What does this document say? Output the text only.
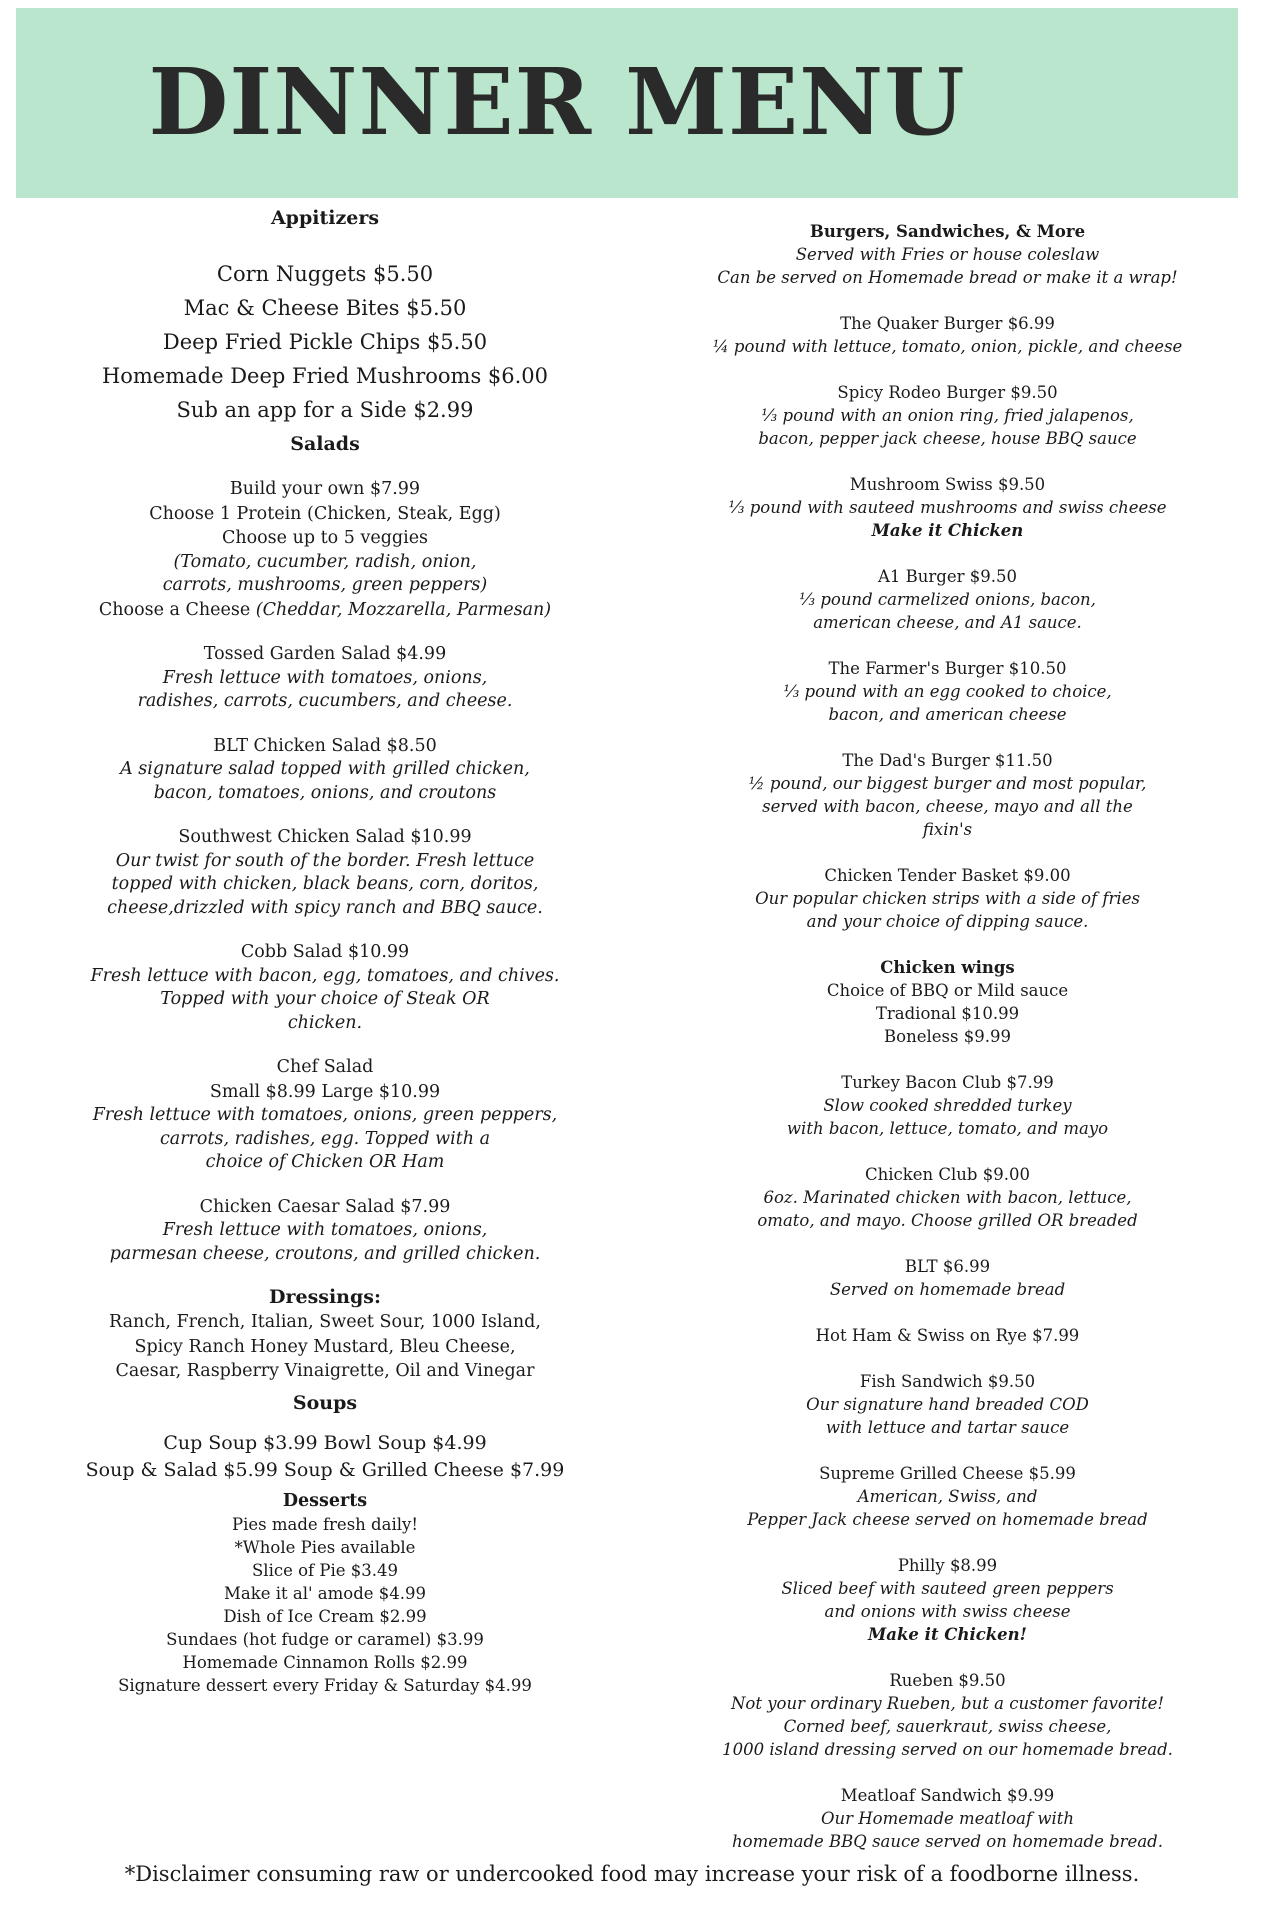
DINNER MENU
Appitizers
Corn Nuggets $5.50
Mac & Cheese Bites $5.50
Deep Fried Pickle Chips $5.50
Homemade Deep Fried Mushrooms $6.00
Sub an app for a Side $2.99
Salads
Build your own $7.99
Choose 1 Protein (Chicken, Steak, Egg)
Choose up to 5 veggies
(Tomato, cucumber, radish, onion,
carrots, mushrooms, green peppers)
Choose a Cheese (Cheddar, Mozzarella, Parmesan)
Tossed Garden Salad $4.99
Fresh lettuce with tomatoes, onions,
radishes, carrots, cucumbers, and cheese.
BLT Chicken Salad $8.50
A signature salad topped with grilled chicken,
bacon, tomatoes, onions, and croutons
Southwest Chicken Salad $10.99
Our twist for south of the border. Fresh lettuce
topped with chicken, black beans, corn, doritos,
cheese,drizzled with spicy ranch and BBQ sauce.
Cobb Salad $10.99
Fresh lettuce with bacon, egg, tomatoes, and chives.
Topped with your choice of Steak OR
chicken.
Chef Salad
Small $8.99 Large $10.99
Fresh lettuce with tomatoes, onions, green peppers,
carrots, radishes, egg. Topped with a
choice of Chicken OR Ham
Chicken Caesar Salad $7.99
Fresh lettuce with tomatoes, onions,
parmesan cheese, croutons, and grilled chicken.
Dressings:
Ranch, French, Italian, Sweet Sour, 1000 Island,
Spicy Ranch Honey Mustard, Bleu Cheese,
Caesar, Raspberry Vinaigrette, Oil and Vinegar
Soups
Cup Soup $3.99 Bowl Soup $4.99
Soup & Salad $5.99 Soup & Grilled Cheese $7.99
Desserts
Pies made fresh daily!
*Whole Pies available
Slice of Pie $3.49
Make it al' amode $4.99
Dish of Ice Cream $2.99
Sundaes (hot fudge or caramel) $3.99
Homemade Cinnamon Rolls $2.99
Signature dessert every Friday & Saturday $4.99
Burgers, Sandwiches, & More
Served with Fries or house coleslaw
Can be served on Homemade bread or make it a wrap!
The Quaker Burger $6.99
¼ pound with lettuce, tomato, onion, pickle, and cheese
Spicy Rodeo Burger $9.50
⅓ pound with an onion ring, fried jalapenos,
bacon, pepper jack cheese, house BBQ sauce
Mushroom Swiss $9.50
⅓ pound with sauteed mushrooms and swiss cheese
Make it Chicken
A1 Burger $9.50
⅓ pound carmelized onions, bacon,
american cheese, and A1 sauce.
The Farmer's Burger $10.50
⅓ pound with an egg cooked to choice,
bacon, and american cheese
The Dad's Burger $11.50
½ pound, our biggest burger and most popular,
served with bacon, cheese, mayo and all the
fixin's
Chicken Tender Basket $9.00
Our popular chicken strips with a side of fries
and your choice of dipping sauce.
Chicken wings
Choice of BBQ or Mild sauce
Tradional $10.99
Boneless $9.99
Turkey Bacon Club $7.99
Slow cooked shredded turkey
with bacon, lettuce, tomato, and mayo
Chicken Club $9.00
6oz. Marinated chicken with bacon, lettuce,
omato, and mayo. Choose grilled OR breaded
BLT $6.99
Served on homemade bread
Hot Ham & Swiss on Rye $7.99
Fish Sandwich $9.50
Our signature hand breaded COD
with lettuce and tartar sauce
Supreme Grilled Cheese $5.99
American, Swiss, and
Pepper Jack cheese served on homemade bread
Philly $8.99
Sliced beef with sauteed green peppers
and onions with swiss cheese
Make it Chicken!
Rueben $9.50
Not your ordinary Rueben, but a customer favorite!
Corned beef, sauerkraut, swiss cheese,
1000 island dressing served on our homemade bread.
Meatloaf Sandwich $9.99
Our Homemade meatloaf with
homemade BBQ sauce served on homemade bread.
*Disclaimer consuming raw or undercooked food may increase your risk of a foodborne illness.
